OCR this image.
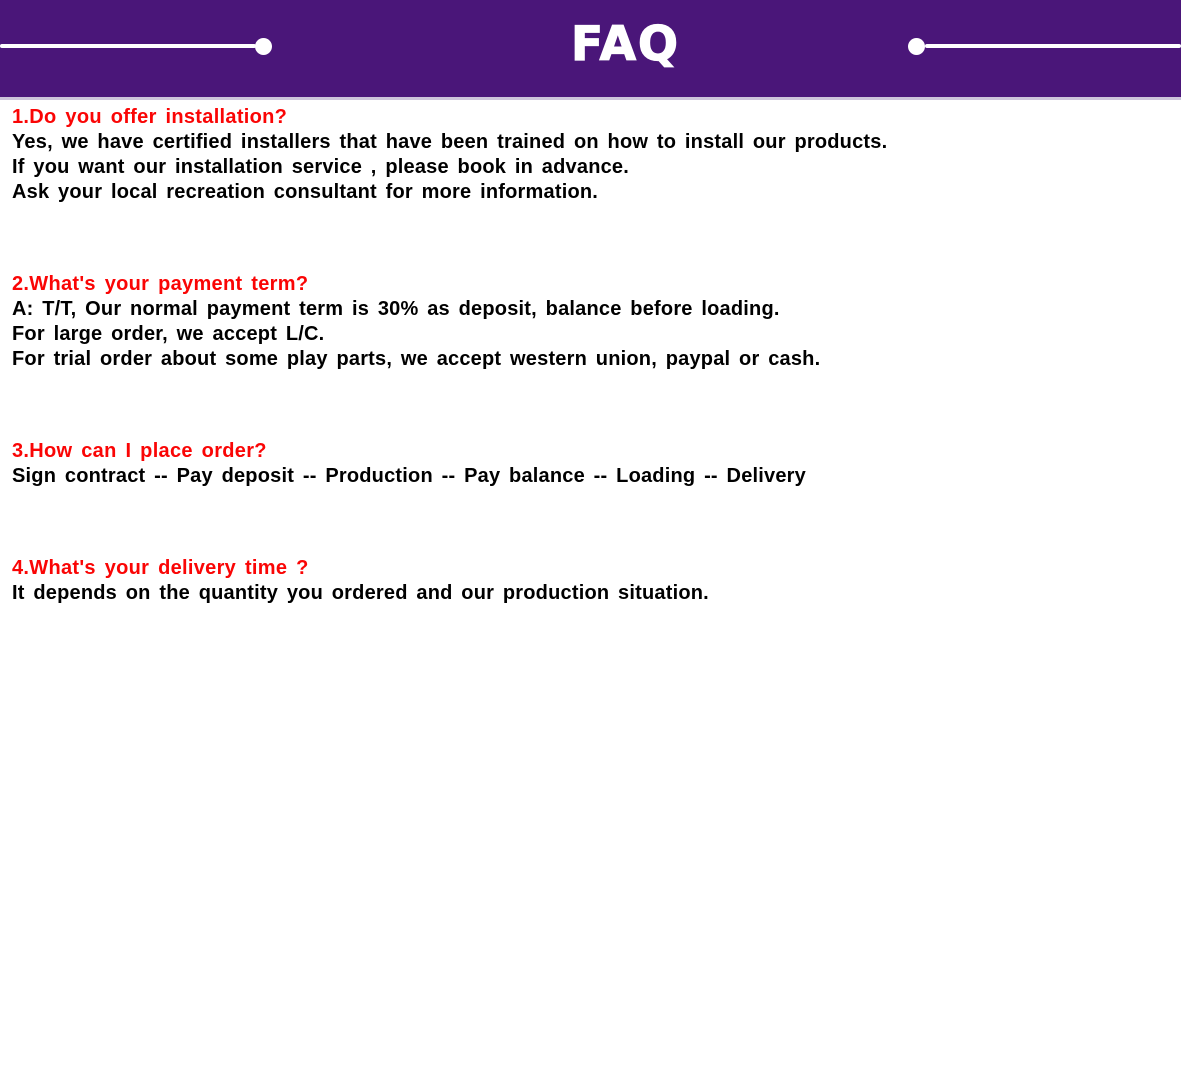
FAQ
1.Do you offer installation?

Yes, we have certified installers that have been trained on how to install our products.

If you want our installation service , please book in advance.

Ask your local recreation consultant for more information.

2.What's your payment term?

A: T/T, Our normal payment term is 30% as deposit, balance before loading.

For large order, we accept L/C.

For trial order about some play parts, we accept western union, paypal or cash.

3.How can I place order?

Sign contract -- Pay deposit -- Production -- Pay balance -- Loading -- Delivery

4.What's your delivery time ?

It depends on the quantity you ordered and our production situation.
